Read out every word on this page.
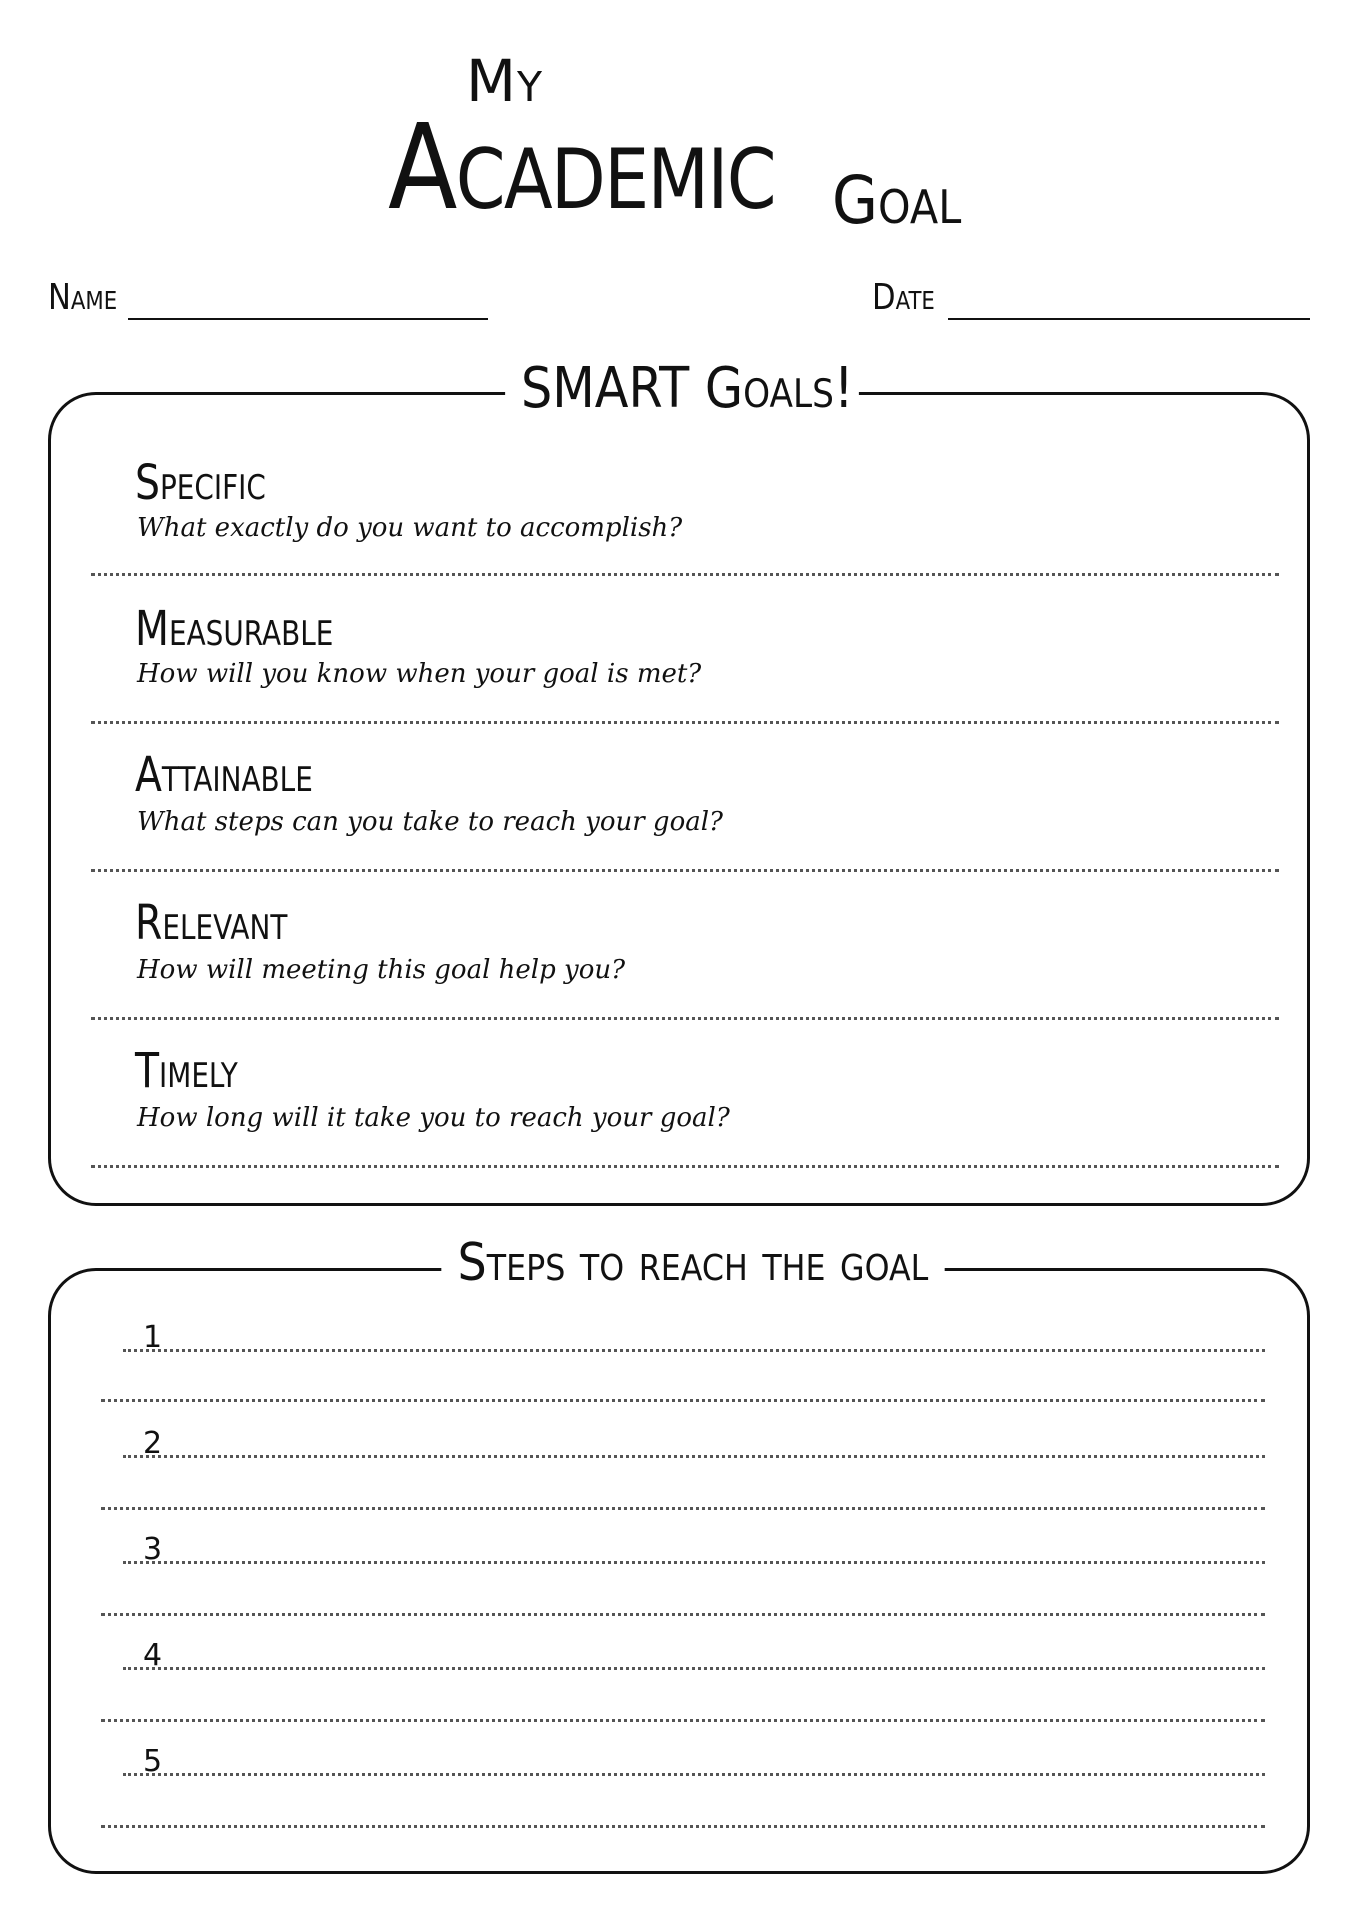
My
Academic Goal
Name	Date
SMART Goals!
Specific
What exactly do you want to accomplish?
Measurable
How will you know when your goal is met?
Attainable
What steps can you take to reach your goal?
Relevant
How will meeting this goal help you?
Timely
How long will it take you to reach your goal?
Steps to reach the goal
1
2
3
4
5
